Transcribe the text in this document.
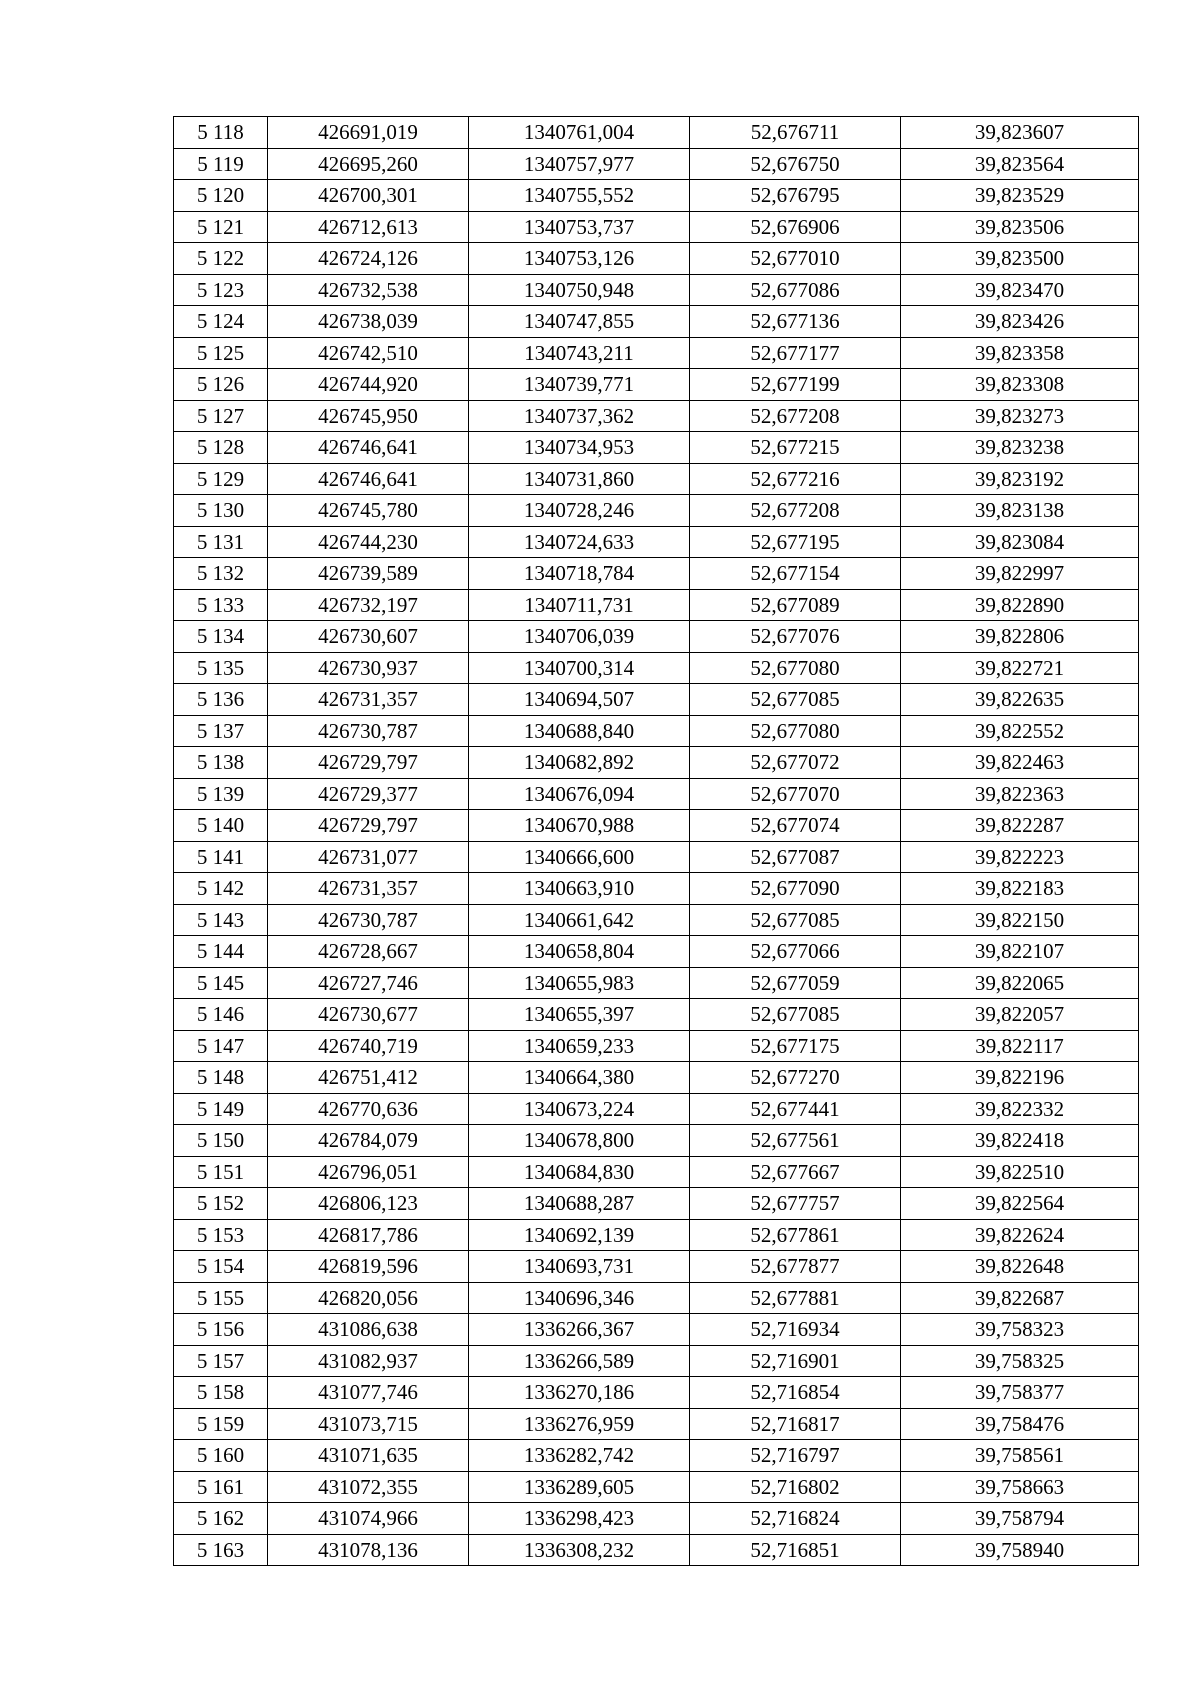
5 118	426691,019	1340761,004	52,676711	39,823607
5 119	426695,260	1340757,977	52,676750	39,823564
5 120	426700,301	1340755,552	52,676795	39,823529
5 121	426712,613	1340753,737	52,676906	39,823506
5 122	426724,126	1340753,126	52,677010	39,823500
5 123	426732,538	1340750,948	52,677086	39,823470
5 124	426738,039	1340747,855	52,677136	39,823426
5 125	426742,510	1340743,211	52,677177	39,823358
5 126	426744,920	1340739,771	52,677199	39,823308
5 127	426745,950	1340737,362	52,677208	39,823273
5 128	426746,641	1340734,953	52,677215	39,823238
5 129	426746,641	1340731,860	52,677216	39,823192
5 130	426745,780	1340728,246	52,677208	39,823138
5 131	426744,230	1340724,633	52,677195	39,823084
5 132	426739,589	1340718,784	52,677154	39,822997
5 133	426732,197	1340711,731	52,677089	39,822890
5 134	426730,607	1340706,039	52,677076	39,822806
5 135	426730,937	1340700,314	52,677080	39,822721
5 136	426731,357	1340694,507	52,677085	39,822635
5 137	426730,787	1340688,840	52,677080	39,822552
5 138	426729,797	1340682,892	52,677072	39,822463
5 139	426729,377	1340676,094	52,677070	39,822363
5 140	426729,797	1340670,988	52,677074	39,822287
5 141	426731,077	1340666,600	52,677087	39,822223
5 142	426731,357	1340663,910	52,677090	39,822183
5 143	426730,787	1340661,642	52,677085	39,822150
5 144	426728,667	1340658,804	52,677066	39,822107
5 145	426727,746	1340655,983	52,677059	39,822065
5 146	426730,677	1340655,397	52,677085	39,822057
5 147	426740,719	1340659,233	52,677175	39,822117
5 148	426751,412	1340664,380	52,677270	39,822196
5 149	426770,636	1340673,224	52,677441	39,822332
5 150	426784,079	1340678,800	52,677561	39,822418
5 151	426796,051	1340684,830	52,677667	39,822510
5 152	426806,123	1340688,287	52,677757	39,822564
5 153	426817,786	1340692,139	52,677861	39,822624
5 154	426819,596	1340693,731	52,677877	39,822648
5 155	426820,056	1340696,346	52,677881	39,822687
5 156	431086,638	1336266,367	52,716934	39,758323
5 157	431082,937	1336266,589	52,716901	39,758325
5 158	431077,746	1336270,186	52,716854	39,758377
5 159	431073,715	1336276,959	52,716817	39,758476
5 160	431071,635	1336282,742	52,716797	39,758561
5 161	431072,355	1336289,605	52,716802	39,758663
5 162	431074,966	1336298,423	52,716824	39,758794
5 163	431078,136	1336308,232	52,716851	39,758940
